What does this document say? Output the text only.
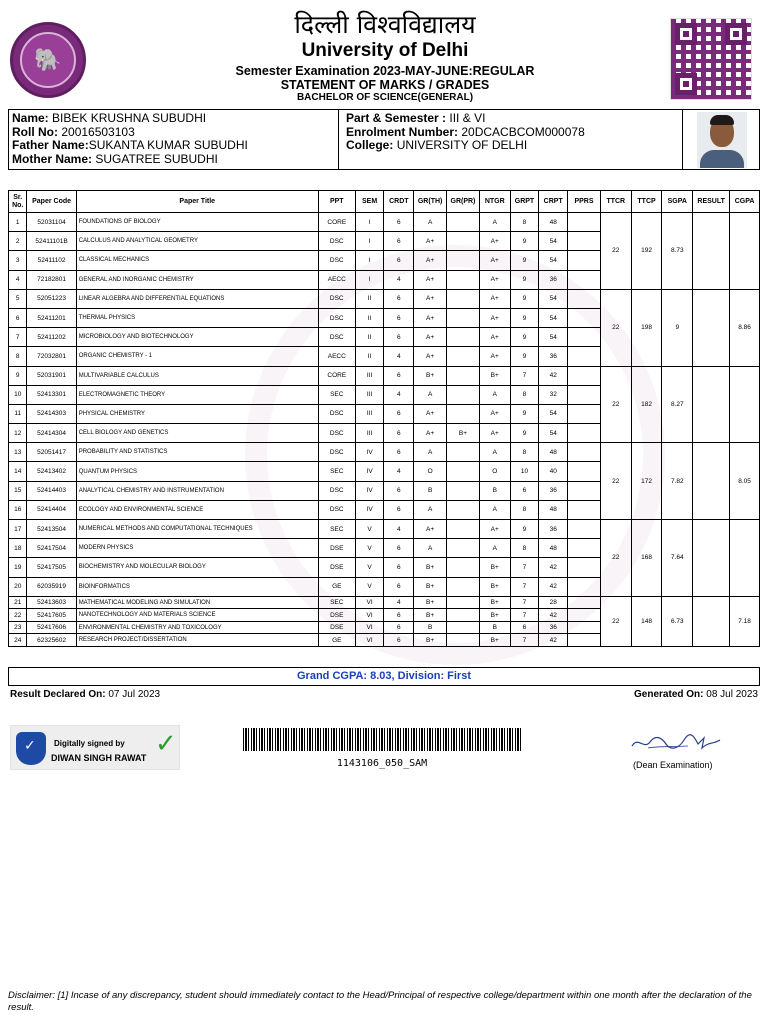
🐘
दिल्ली विश्वविद्यालय
University of Delhi
Semester Examination 2023-MAY-JUNE:REGULAR
STATEMENT OF MARKS / GRADES
BACHELOR OF SCIENCE(GENERAL)
Name: BIBEK KRUSHNA SUBUDHI
Roll No: 20016503103
Father Name:SUKANTA KUMAR SUBUDHI
Mother Name: SUGATREE SUBUDHI
Part & Semester : III & VI
Enrolment Number: 20DCACBCOM000078
College: UNIVERSITY OF DELHI
Sr. No.	Paper Code	Paper Title	PPT	SEM	CRDT	GR(TH)	GR(PR)	NTGR	GRPT	CRPT	PPRS	TTCR	TTCP	SGPA	RESULT	CGPA
1	52031104	FOUNDATIONS OF BIOLOGY	CORE	I	6	A		A	8	48		22	192	8.73		
2	52411101B	CALCULUS AND ANALYTICAL GEOMETRY	DSC	I	6	A+		A+	9	54						
3	52411102	CLASSICAL MECHANICS	DSC	I	6	A+		A+	9	54						
4	72182801	GENERAL AND INORGANIC CHEMISTRY	AECC	I	4	A+		A+	9	36						
5	52051223	LINEAR ALGEBRA AND DIFFERENTIAL EQUATIONS	DSC	II	6	A+		A+	9	54		22	198	9		8.86
6	52411201	THERMAL PHYSICS	DSC	II	6	A+		A+	9	54						
7	52411202	MICROBIOLOGY AND BIOTECHNOLOGY	DSC	II	6	A+		A+	9	54						
8	72032801	ORGANIC CHEMISTRY - 1	AECC	II	4	A+		A+	9	36						
9	52031901	MULTIVARIABLE CALCULUS	CORE	III	6	B+		B+	7	42		22	182	8.27		
10	52413301	ELECTROMAGNETIC THEORY	SEC	III	4	A		A	8	32						
11	52414303	PHYSICAL CHEMISTRY	DSC	III	6	A+		A+	9	54						
12	52414304	CELL BIOLOGY AND GENETICS	DSC	III	6	A+	B+	A+	9	54						
13	52051417	PROBABILITY AND STATISTICS	DSC	IV	6	A		A	8	48		22	172	7.82		8.05
14	52413402	QUANTUM PHYSICS	SEC	IV	4	O		O	10	40						
15	52414403	ANALYTICAL CHEMISTRY AND INSTRUMENTATION	DSC	IV	6	B		B	6	36						
16	52414404	ECOLOGY AND ENVIRONMENTAL SCIENCE	DSC	IV	6	A		A	8	48						
17	52413504	NUMERICAL METHODS AND COMPUTATIONAL TECHNIQUES	SEC	V	4	A+		A+	9	36		22	168	7.64		
18	52417504	MODERN PHYSICS	DSE	V	6	A		A	8	48						
19	52417505	BIOCHEMISTRY AND MOLECULAR BIOLOGY	DSE	V	6	B+		B+	7	42						
20	62035919	BIOINFORMATICS	GE	V	6	B+		B+	7	42						
21	52413603	MATHEMATICAL MODELING AND SIMULATION	SEC	VI	4	B+		B+	7	28		22	148	6.73		7.18
22	52417605	NANOTECHNOLOGY AND MATERIALS SCIENCE	DSE	VI	6	B+		B+	7	42						
23	52417606	ENVIRONMENTAL CHEMISTRY AND TOXICOLOGY	DSE	VI	6	B		B	6	36						
24	62325602	RESEARCH PROJECT/DISSERTATION	GE	VI	6	B+		B+	7	42						
Grand CGPA: 8.03, Division: First
Result Declared On: 07 Jul 2023	Generated On: 08 Jul 2023
✓
Digitally signed by
DIWAN SINGH RAWAT ✓
1143106_050_SAM	(Dean Examination)
Disclaimer: [1] Incase of any discrepancy, student should immediately contact to the Head/Principal of respective college/department within one month after the declaration of the result.
